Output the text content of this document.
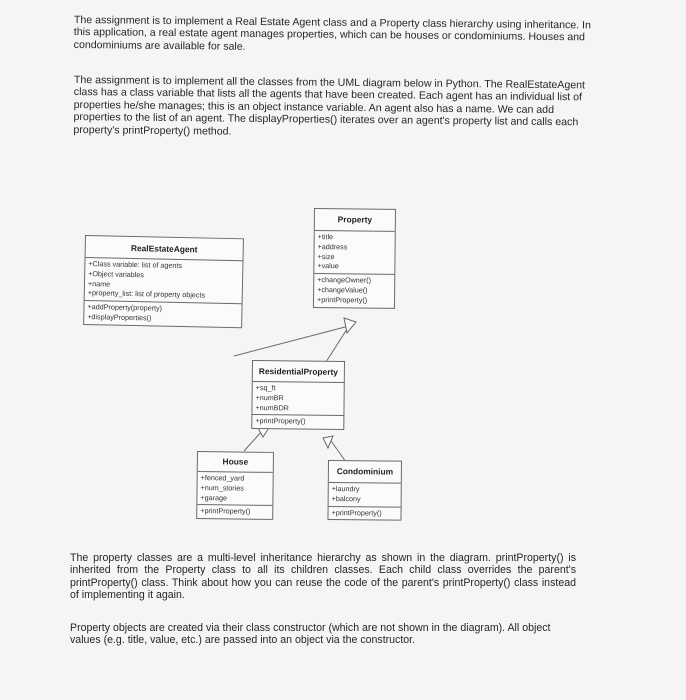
The assignment is to implement a Real Estate Agent class and a Property class hierarchy using inheritance. In this application, a real estate agent manages properties, which can be houses or condominiums. Houses and condominiums are available for sale.

The assignment is to implement all the classes from the UML diagram below in Python. The RealEstateAgent class has a class variable that lists all the agents that have been created. Each agent has an individual list of properties he/she manages; this is an object instance variable. An agent also has a name. We can add properties to the list of an agent. The displayProperties() iterates over an agent's property list and calls each property's printProperty() method.

RealEstateAgent
+Class variable: list of agents
+Object variables
+name
+property_list: list of property objects
+addProperty(property)
+displayProperties()
Property
+title
+address
+size
+value
+changeOwner()
+changeValue()
+printProperty()
ResidentialProperty
+sq_ft
+numBR
+numBDR
+printProperty()
House
+fenced_yard
+num_stories
+garage
+printProperty()
Condominium
+laundry
+balcony
+printProperty()

The property classes are a multi-level inheritance hierarchy as shown in the diagram. printProperty() is inherited from the Property class to all its children classes. Each child class overrides the parent's printProperty() class. Think about how you can reuse the code of the parent's printProperty() class instead of implementing it again.

Property objects are created via their class constructor (which are not shown in the diagram). All object values (e.g. title, value, etc.) are passed into an object via the constructor.
